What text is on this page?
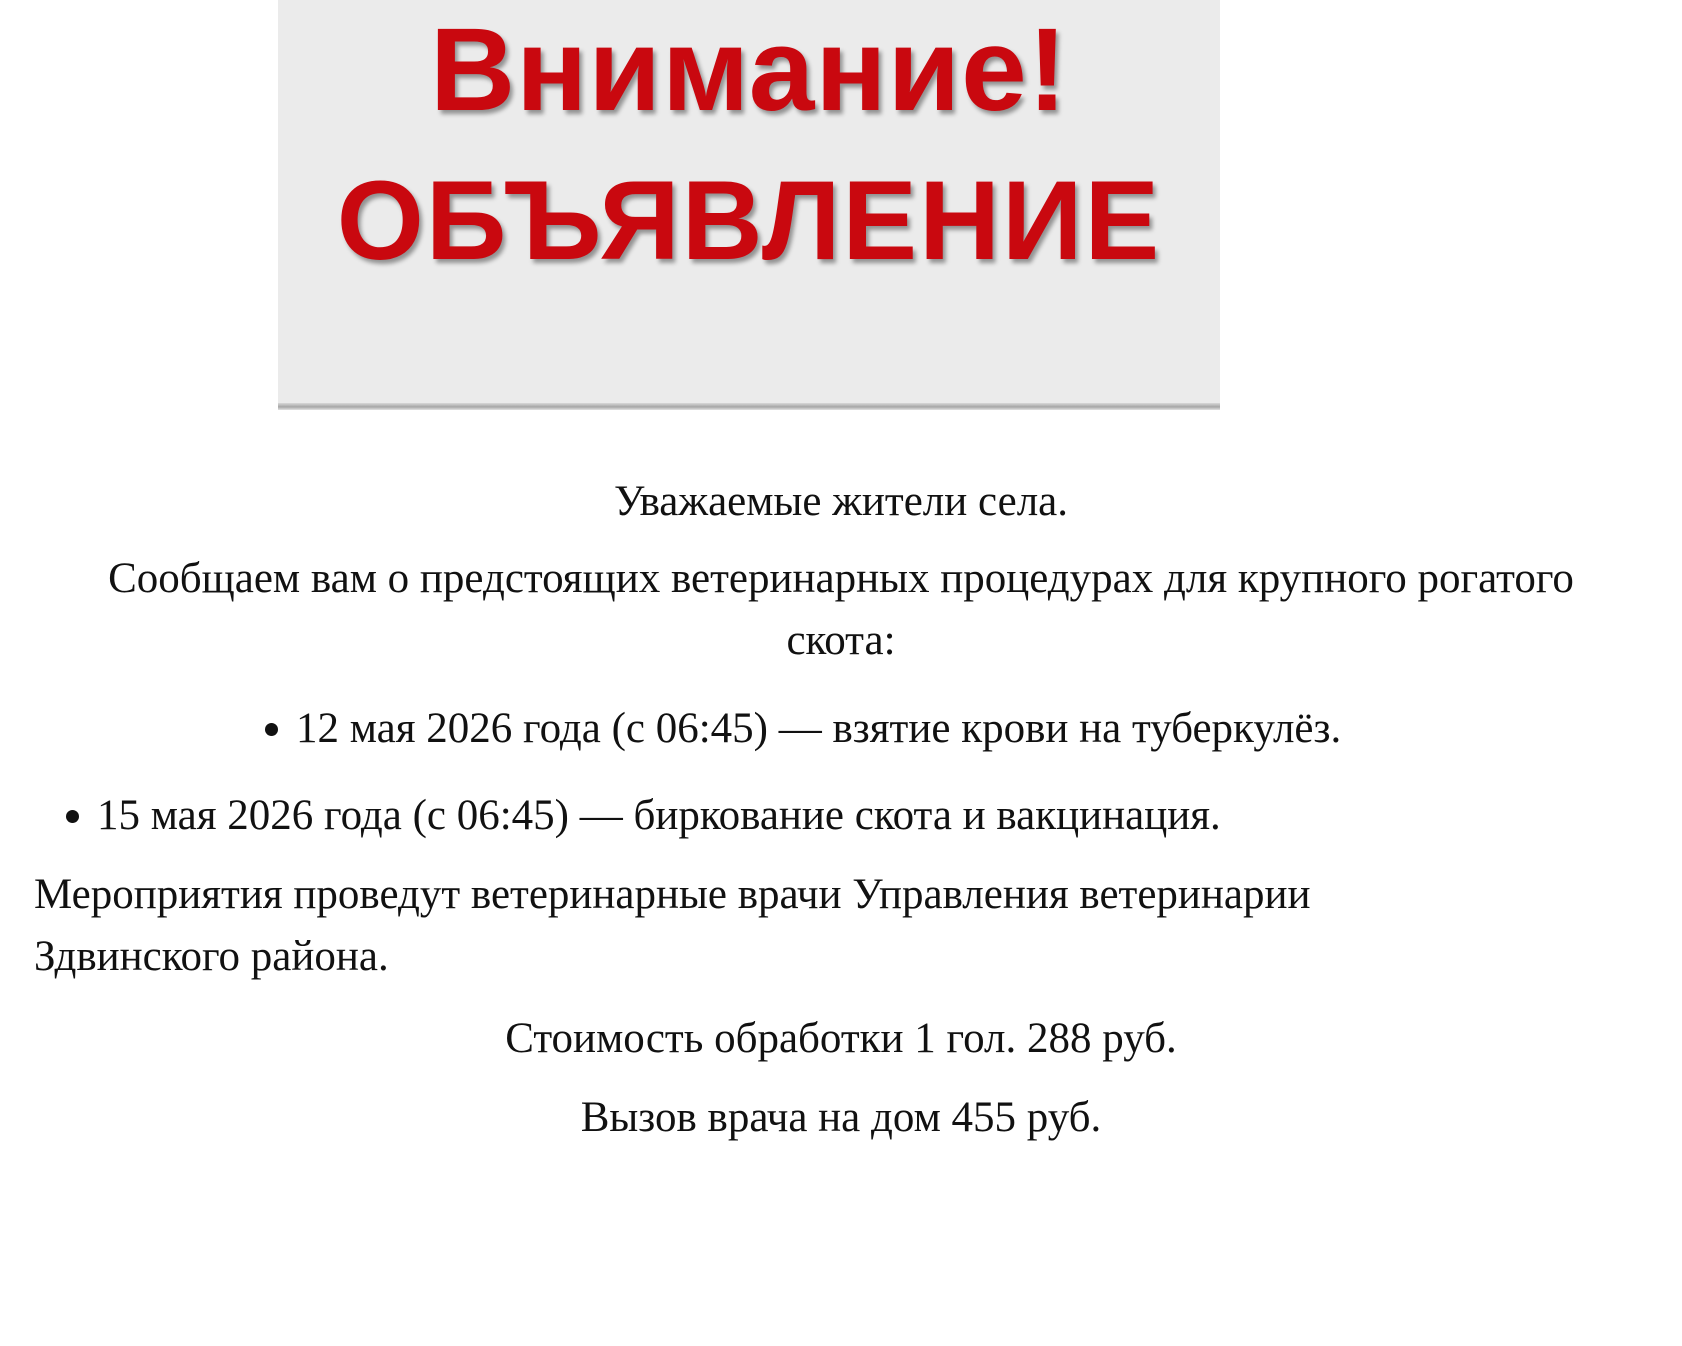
Внимание!
ОБЪЯВЛЕНИЕ
Уважаемые жители села.
Сообщаем вам о предстоящих ветеринарных процедурах для крупного рогатого
скота:
12 мая 2026 года (с 06:45) — взятие крови на туберкулёз.
15 мая 2026 года (с 06:45) — биркование скота и вакцинация.
Мероприятия проведут ветеринарные врачи Управления ветеринарии
Здвинского района.
Стоимость обработки 1 гол. 288 руб.
Вызов врача на дом 455 руб.
